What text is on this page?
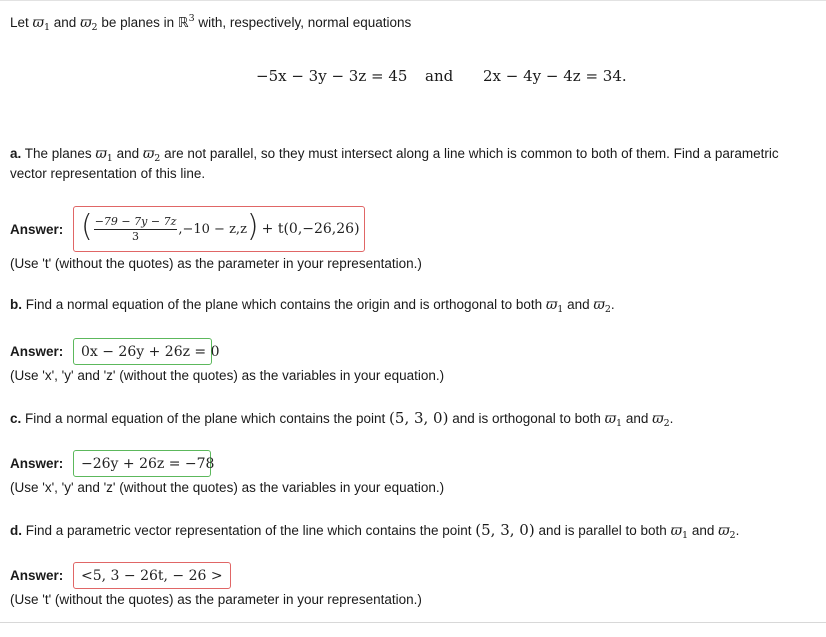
Let $ϖ_1$ and $ϖ_2$ be planes in ℝ$^3$ with, respectively, normal equations
−5x − 3y − 3z = 45 and 2x − 4y − 4z = 34.
a. The planes $ϖ_1$ and $ϖ_2$ are not parallel, so they must intersect along a line which is common to both of them. Find a parametric
vector representation of this line.
Answer: ( $\frac{-79 - 7y - 7z}{3} ,-10 - z,z$ ) + t(0,−26,26)
(Use 't' (without the quotes) as the parameter in your representation.)
b. Find a normal equation of the plane which contains the origin and is orthogonal to both $ϖ_1$ and $ϖ_2$.
Answer:	0x − 26y + 26z = 0
(Use 'x', 'y' and 'z' (without the quotes) as the variables in your equation.)
c. Find a normal equation of the plane which contains the point (5, 3, 0) and is orthogonal to both $ϖ_1$ and $ϖ_2$.
Answer:	−26y + 26z = −78
(Use 'x', 'y' and 'z' (without the quotes) as the variables in your equation.)
d. Find a parametric vector representation of the line which contains the point (5, 3, 0) and is parallel to both $ϖ_1$ and $ϖ_2$.
Answer:	<5, 3 − 26t, − 26 >
(Use 't' (without the quotes) as the parameter in your representation.)
